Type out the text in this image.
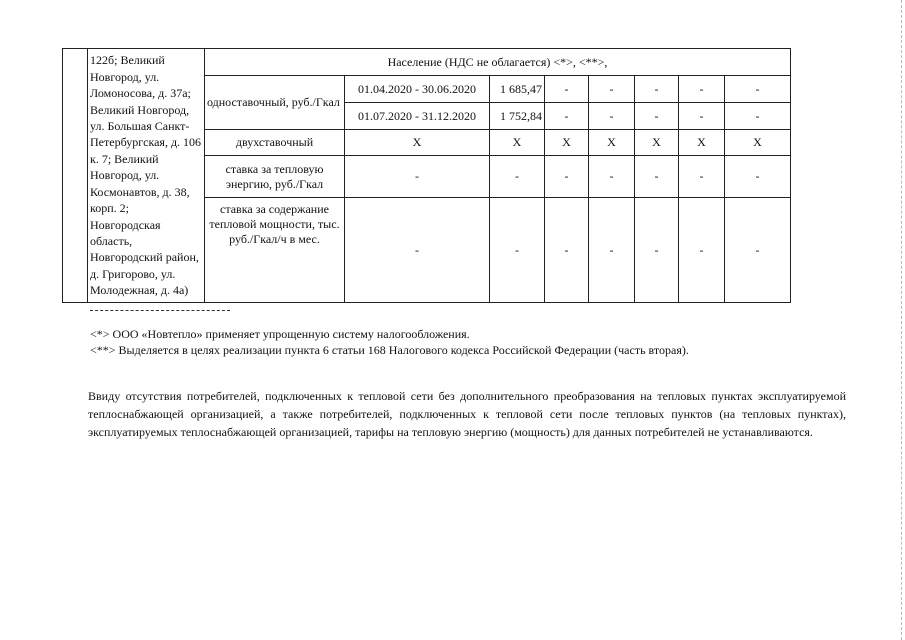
	122б; Великий Новгород, ул. Ломоносова, д. 37а; Великий Новгород, ул. Большая Санкт-Петербургская, д. 106 к. 7; Великий Новгород, ул. Космонавтов, д. 38, корп. 2; Новгородская область, Новгородский район, д. Григорово, ул. Молодежная, д. 4а)	Население (НДС не облагается) <*>, <**>,							
		одноставочный, руб./Гкал	01.04.2020 - 30.06.2020	1 685,47	-	-	-	-	-
			01.07.2020 - 31.12.2020	1 752,84	-	-	-	-	-
		двухставочный	X	X	X	X	X	X	X
		ставка за тепловую энергию, руб./Гкал	-	-	-	-	-	-	-
		ставка за содержание тепловой мощности, тыс. руб./Гкал/ч в мес.	-	-	-	-	-	-	-
<*> ООО «Новтепло» применяет упрощенную систему налогообложения.
<**> Выделяется в целях реализации пункта 6 статьи 168 Налогового кодекса Российской Федерации (часть вторая).

Ввиду отсутствия потребителей, подключенных к тепловой сети без дополнительного преобразования на тепловых пунктах эксплуатируемой теплоснабжающей организацией, а также потребителей, подключенных к тепловой сети после тепловых пунктов (на тепловых пунктах), эксплуатируемых теплоснабжающей организацией, тарифы на тепловую энергию (мощность) для данных потребителей не устанавливаются.
